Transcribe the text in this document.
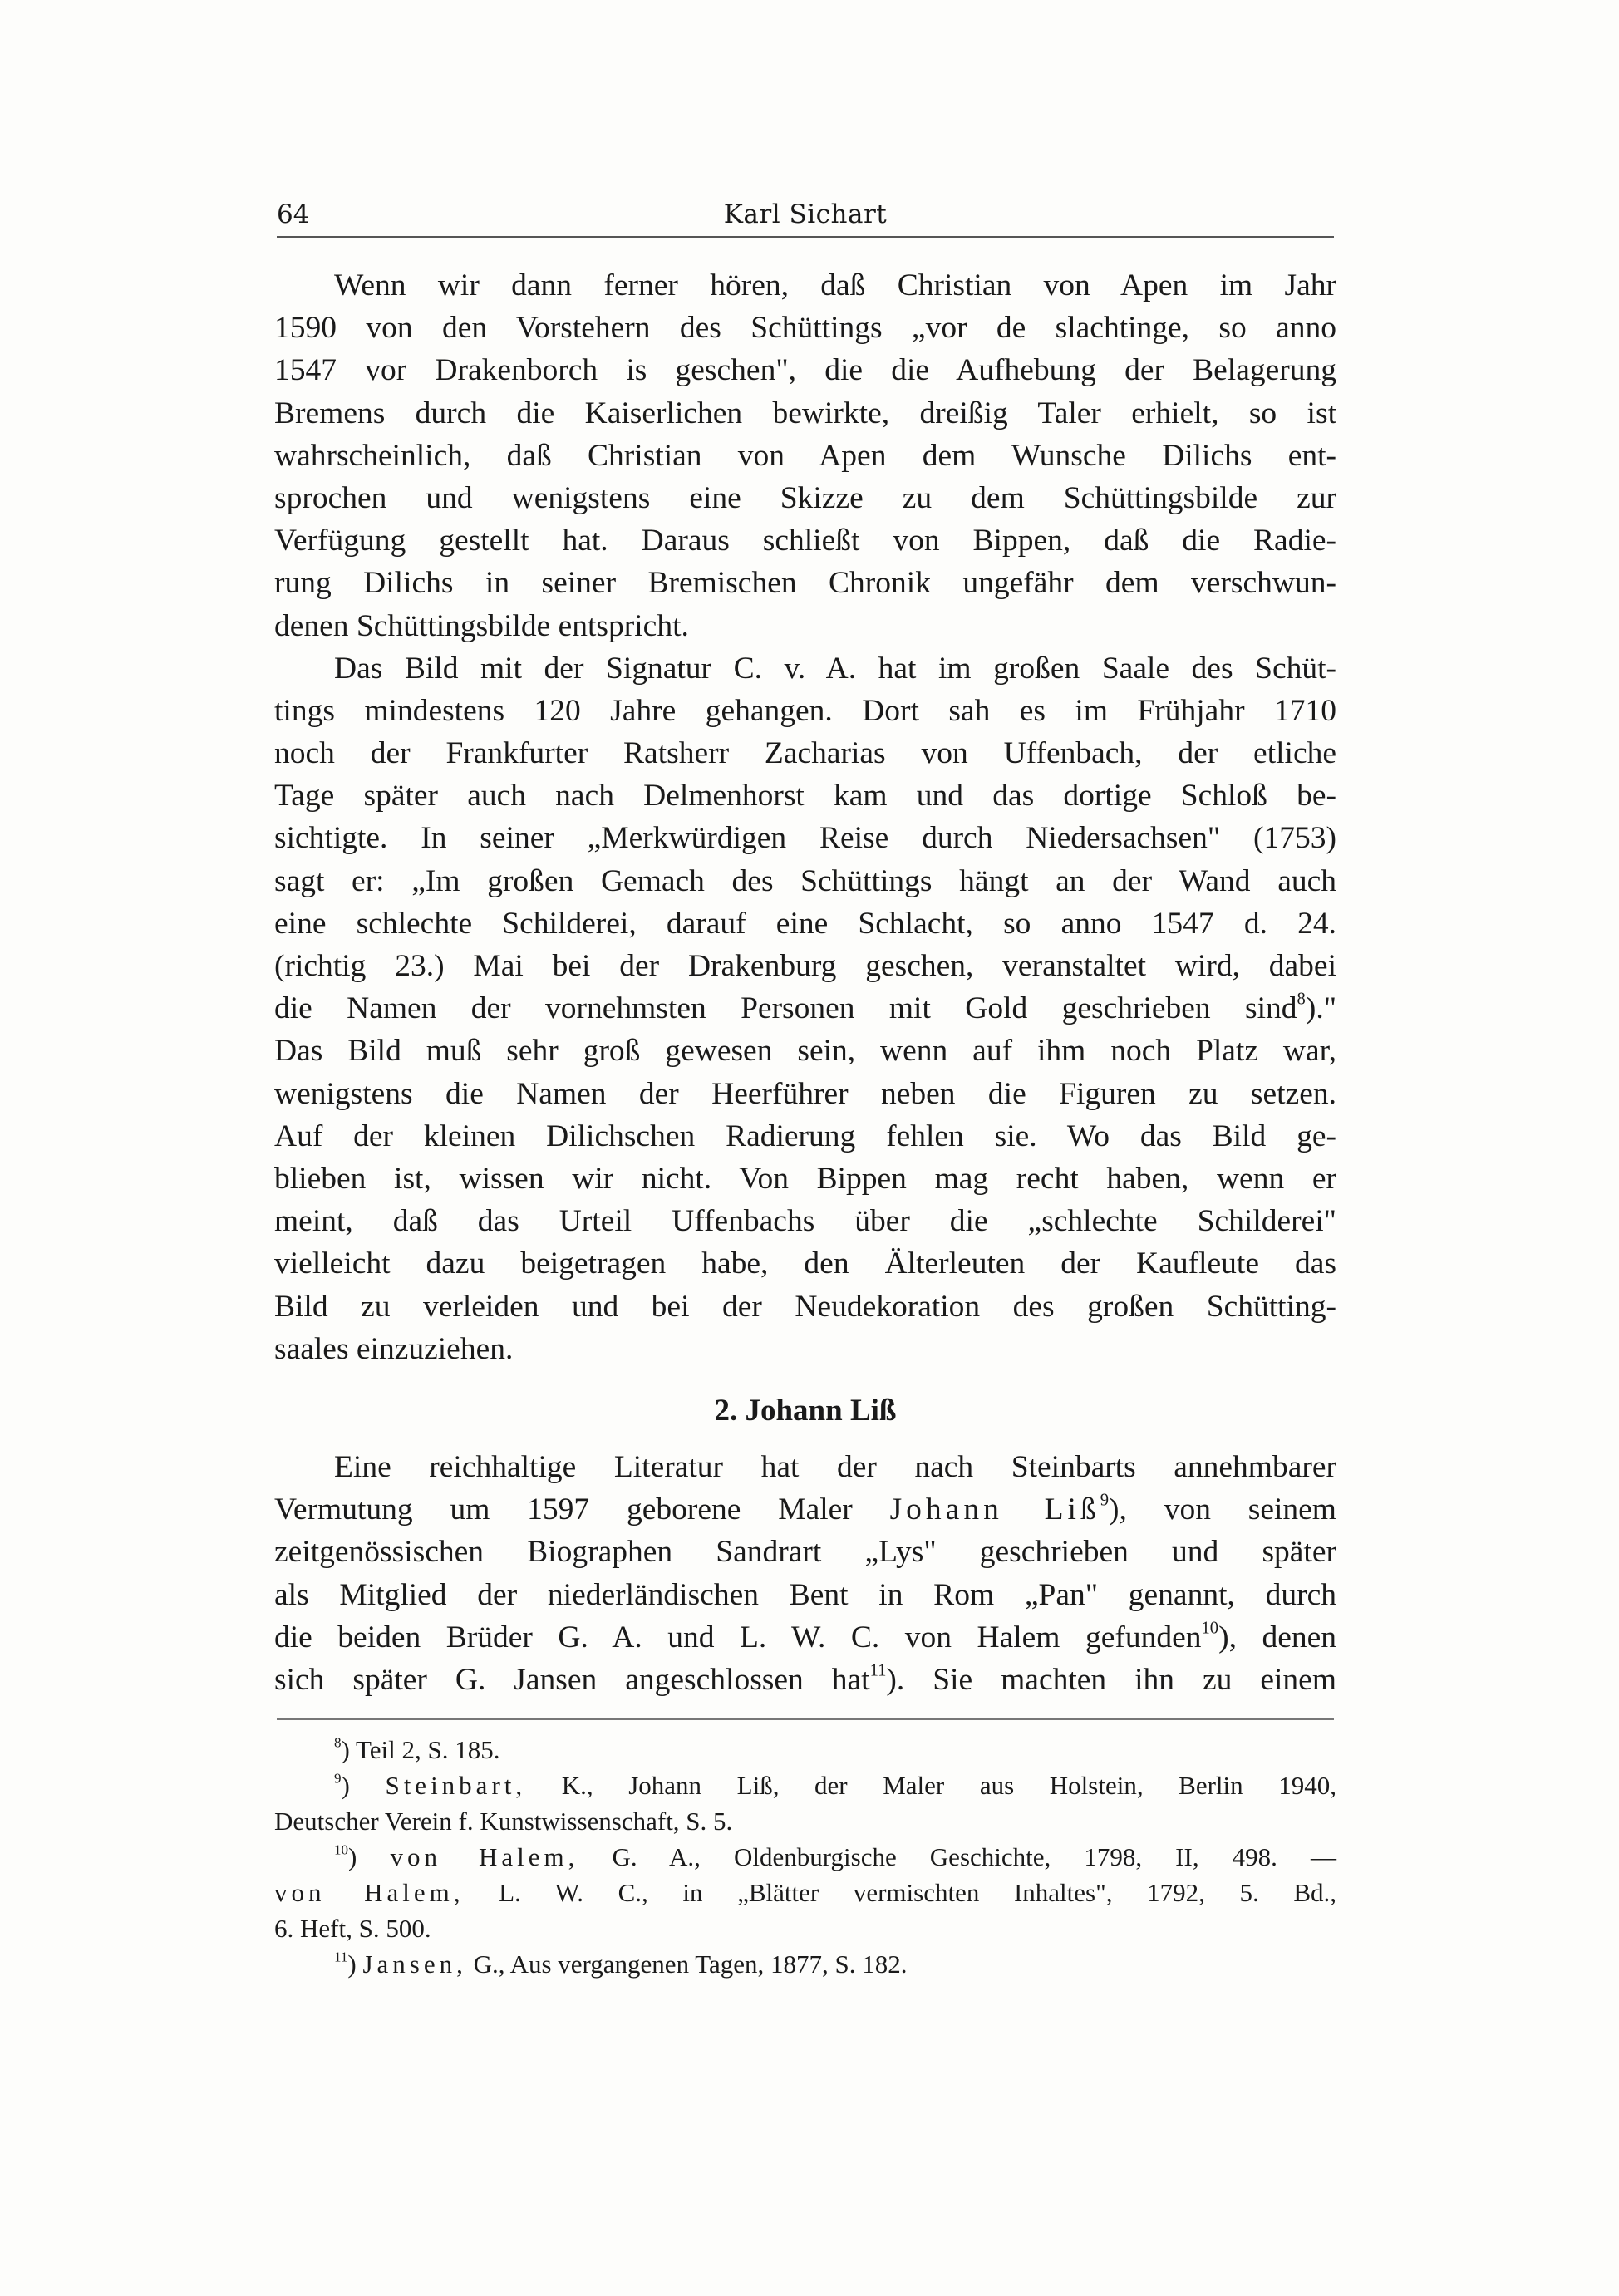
64	Karl Sichart
Wenn wir dann ferner hören, daß Christian von Apen im Jahr
1590 von den Vorstehern des Schüttings „vor de slachtinge, so anno
1547 vor Drakenborch is geschen", die die Aufhebung der Belagerung
Bremens durch die Kaiserlichen bewirkte, dreißig Taler erhielt, so ist
wahrscheinlich, daß Christian von Apen dem Wunsche Dilichs ent-
sprochen und wenigstens eine Skizze zu dem Schüttingsbilde zur
Verfügung gestellt hat. Daraus schließt von Bippen, daß die Radie-
rung Dilichs in seiner Bremischen Chronik ungefähr dem verschwun-
denen Schüttingsbilde entspricht.
Das Bild mit der Signatur C. v. A. hat im großen Saale des Schüt-
tings mindestens 120 Jahre gehangen. Dort sah es im Frühjahr 1710
noch der Frankfurter Ratsherr Zacharias von Uffenbach, der etliche
Tage später auch nach Delmenhorst kam und das dortige Schloß be-
sichtigte. In seiner „Merkwürdigen Reise durch Niedersachsen" (1753)
sagt er: „Im großen Gemach des Schüttings hängt an der Wand auch
eine schlechte Schilderei, darauf eine Schlacht, so anno 1547 d. 24.
(richtig 23.) Mai bei der Drakenburg geschen, veranstaltet wird, dabei
die Namen der vornehmsten Personen mit Gold geschrieben sind$^8$)."
Das Bild muß sehr groß gewesen sein, wenn auf ihm noch Platz war,
wenigstens die Namen der Heerführer neben die Figuren zu setzen.
Auf der kleinen Dilichschen Radierung fehlen sie. Wo das Bild ge-
blieben ist, wissen wir nicht. Von Bippen mag recht haben, wenn er
meint, daß das Urteil Uffenbachs über die „schlechte Schilderei"
vielleicht dazu beigetragen habe, den Älterleuten der Kaufleute das
Bild zu verleiden und bei der Neudekoration des großen Schütting-
saales einzuziehen.
2. Johann Liß
Eine reichhaltige Literatur hat der nach Steinbarts annehmbarer
Vermutung um 1597 geborene Maler Johann Liß$^9$), von seinem
zeitgenössischen Biographen Sandrart „Lys" geschrieben und später
als Mitglied der niederländischen Bent in Rom „Pan" genannt, durch
die beiden Brüder G. A. und L. W. C. von Halem gefunden$^{10}$), denen
sich später G. Jansen angeschlossen hat$^{11}$). Sie machten ihn zu einem
$^8$) Teil 2, S. 185.
$^9$) Steinbart, K., Johann Liß, der Maler aus Holstein, Berlin 1940,
Deutscher Verein f. Kunstwissenschaft, S. 5.
$^{10}$) von Halem, G. A., Oldenburgische Geschichte, 1798, II, 498. —
von Halem, L. W. C., in „Blätter vermischten Inhaltes", 1792, 5. Bd.,
6. Heft, S. 500.
$^{11}$) Jansen, G., Aus vergangenen Tagen, 1877, S. 182.
